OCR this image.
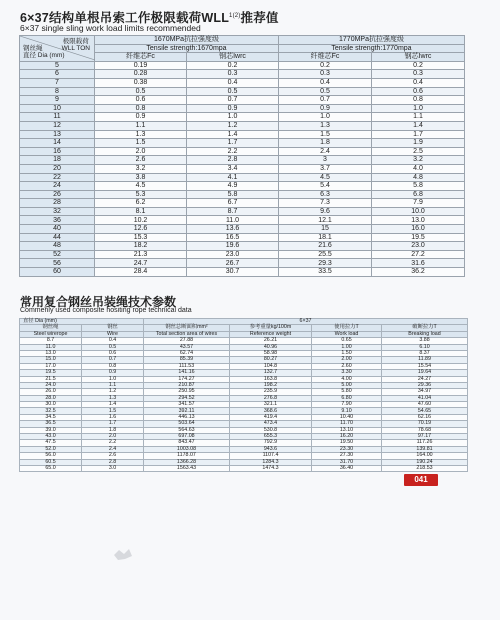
6×37结构单根吊索工作极限载荷$WLL^{1(2)}$推荐值
6×37 single sling work load limits recommended
极限载荷
WLL TON
钢丝绳
直径 Dia (mm)	1670MPa抗拉强度级		1770MPa抗拉强度级	
	Tensile strength:1670mpa		Tensile strength:1770mpa	
	纤维芯Fc	钢芯Iwrc	纤维芯Fc	钢芯Iwrc
5	0.19	0.2	0.2	0.2
6	0.28	0.3	0.3	0.3
7	0.38	0.4	0.4	0.4
8	0.5	0.5	0.5	0.6
9	0.6	0.7	0.7	0.8
10	0.8	0.9	0.9	1.0
11	0.9	1.0	1.0	1.1
12	1.1	1.2	1.3	1.4
13	1.3	1.4	1.5	1.7
14	1.5	1.7	1.8	1.9
16	2.0	2.2	2.4	2.5
18	2.6	2.8	3	3.2
20	3.2	3.4	3.7	4.0
22	3.8	4.1	4.5	4.8
24	4.5	4.9	5.4	5.8
26	5.3	5.8	6.3	6.8
28	6.2	6.7	7.3	7.9
32	8.1	8.7	9.6	10.0
36	10.2	11.0	12.1	13.0
40	12.6	13.6	15	16.0
44	15.3	16.5	18.1	19.5
48	18.2	19.6	21.6	23.0
52	21.3	23.0	25.5	27.2
56	24.7	26.7	29.3	31.6
60	28.4	30.7	33.5	36.2
常用复合钢丝吊装绳技术参数
Commenly used composite hositing rope technical data
直径 Dia (mm)		6×37			
钢丝绳	钢丝	钢丝总断面积mm²	参考重量kg/100m	使用拉力T	破断拉力T
Steel wirerope	Wire	Total section area of wires	Reference weight	Work load	Breaking load
8.7	0.4	27.88	26.21	0.65	3.88
11.0	0.5	43.57	40.96	1.00	6.10
13.0	0.6	62.74	58.98	1.50	8.37
15.0	0.7	85.39	80.27	2.00	11.89
17.0	0.8	111.53	104.8	2.60	15.54
19.5	0.9	141.16	132.7	3.30	19.64
21.5	1.0	174.27	163.8	4.00	24.27
24.0	1.1	210.87	198.2	5.00	29.36
26.0	1.2	250.95	235.9	5.80	34.97
28.0	1.3	294.52	276.8	6.80	41.04
30.0	1.4	341.57	321.1	7.90	47.60
32.5	1.5	392.11	368.6	9.10	54.65
34.5	1.6	446.13	419.4	10.40	62.16
36.5	1.7	503.64	473.4	11.70	70.19
39.0	1.8	564.63	530.8	13.10	78.68
43.0	2.0	697.08	655.3	16.20	97.17
47.5	2.2	843.47	792.9	19.50	117.26
52.0	2.4	1003.08	943.6	23.30	139.81
56.0	2.6	1178.07	1107.4	27.30	164.00
60.5	2.8	1366.28	1284.3	31.70	190.24
65.0	3.0	1563.43	1474.3	36.40	218.53
041
